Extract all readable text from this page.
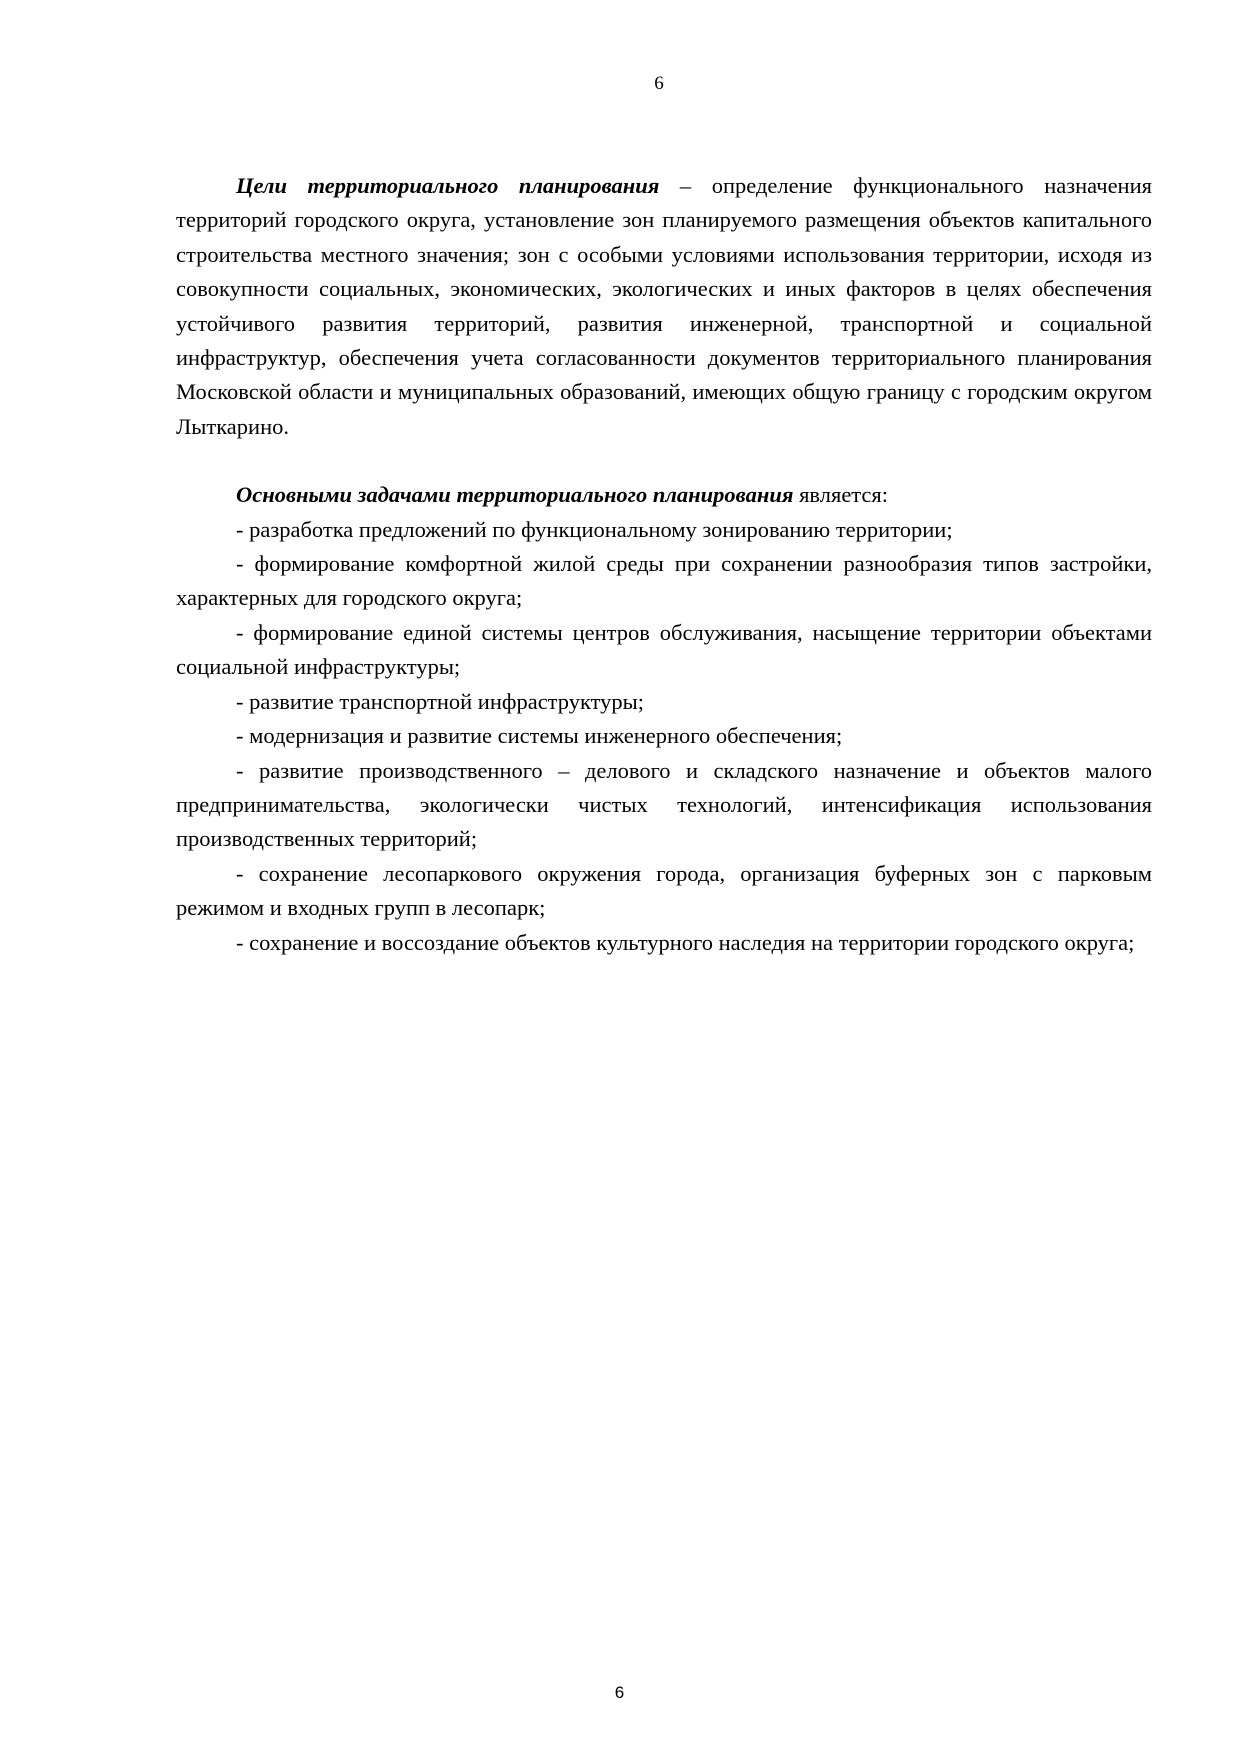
6

Цели территориального планирования – определение функционального назначения территорий городского округа, установление зон планируемого размещения объектов капитального строительства местного значения; зон с особыми условиями использования территории, исходя из совокупности социальных, экономических, экологических и иных факторов в целях обеспечения устойчивого развития территорий, развития инженерной, транспортной и социальной инфраструктур, обеспечения учета согласованности документов территориального планирования Московской области и муниципальных образований, имеющих общую границу с городским округом Лыткарино.

Основными задачами территориального планирования является:

- разработка предложений по функциональному зонированию территории;

- формирование комфортной жилой среды при сохранении разнообразия типов застройки, характерных для городского округа;

- формирование единой системы центров обслуживания, насыщение территории объектами социальной инфраструктуры;

- развитие транспортной инфраструктуры;

- модернизация и развитие системы инженерного обеспечения;

- развитие производственного – делового и складского назначение и объектов малого предпринимательства, экологически чистых технологий, интенсификация использования производственных территорий;

- сохранение лесопаркового окружения города, организация буферных зон с парковым режимом и входных групп в лесопарк;

- сохранение и воссоздание объектов культурного наследия на территории городского округа;

6
